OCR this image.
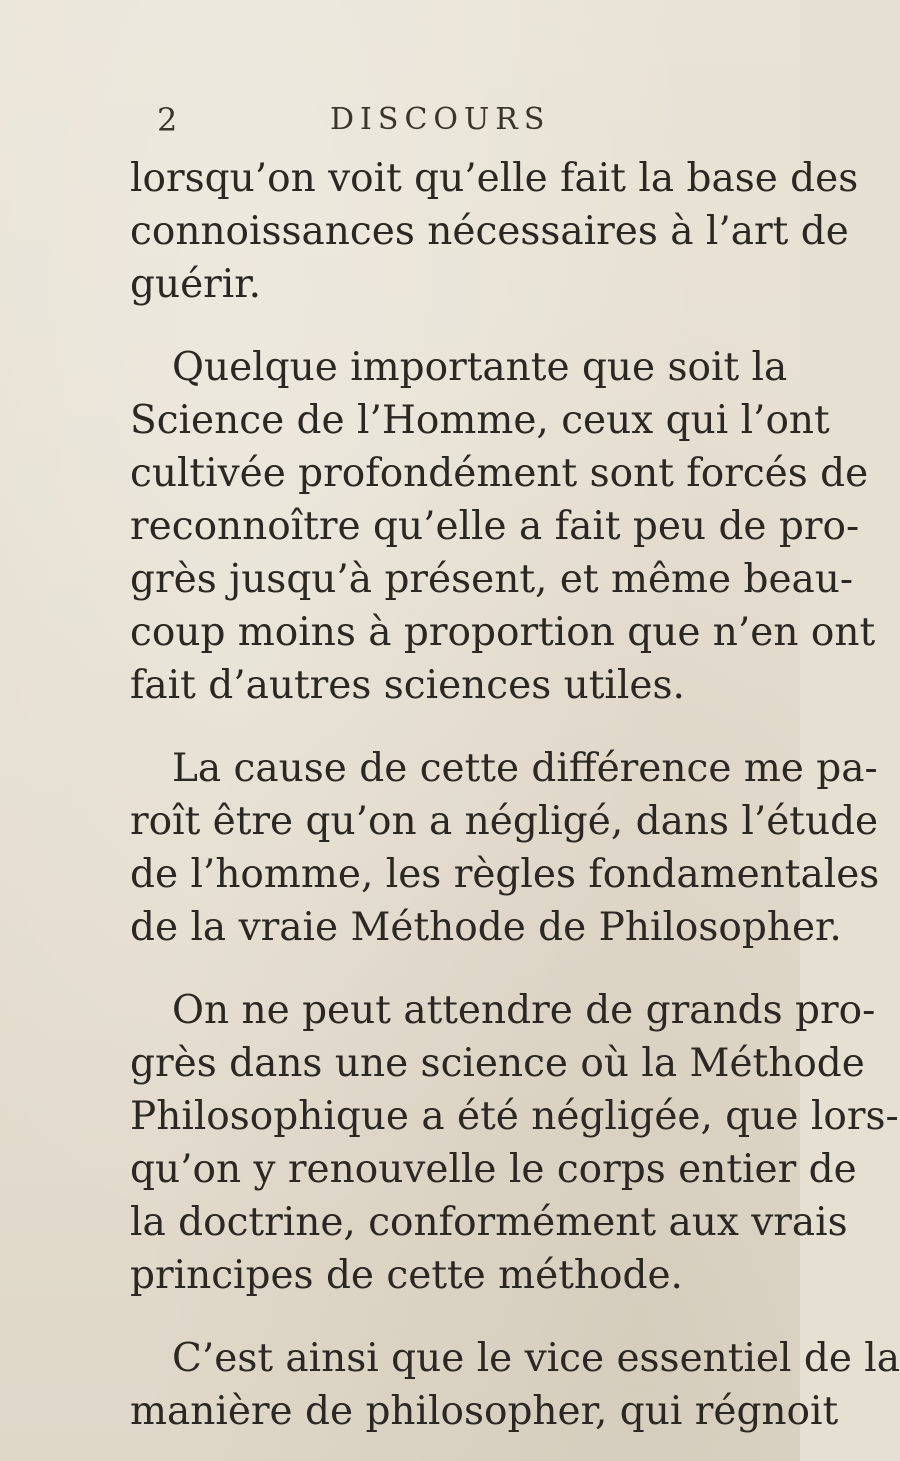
2	DISCOURS
lorsqu’on voit qu’elle fait la base des
connoissances nécessaires à l’art de
guérir.
Quelque importante que soit la
Science de l’Homme, ceux qui l’ont
cultivée profondément sont forcés de
reconnoître qu’elle a fait peu de pro-
grès jusqu’à présent, et même beau-
coup moins à proportion que n’en ont
fait d’autres sciences utiles.
La cause de cette différence me pa-
roît être qu’on a négligé, dans l’étude
de l’homme, les règles fondamentales
de la vraie Méthode de Philosopher.
On ne peut attendre de grands pro-
grès dans une science où la Méthode
Philosophique a été négligée, que lors-
qu’on y renouvelle le corps entier de
la doctrine, conformément aux vrais
principes de cette méthode.
C’est ainsi que le vice essentiel de la
manière de philosopher, qui régnoit
